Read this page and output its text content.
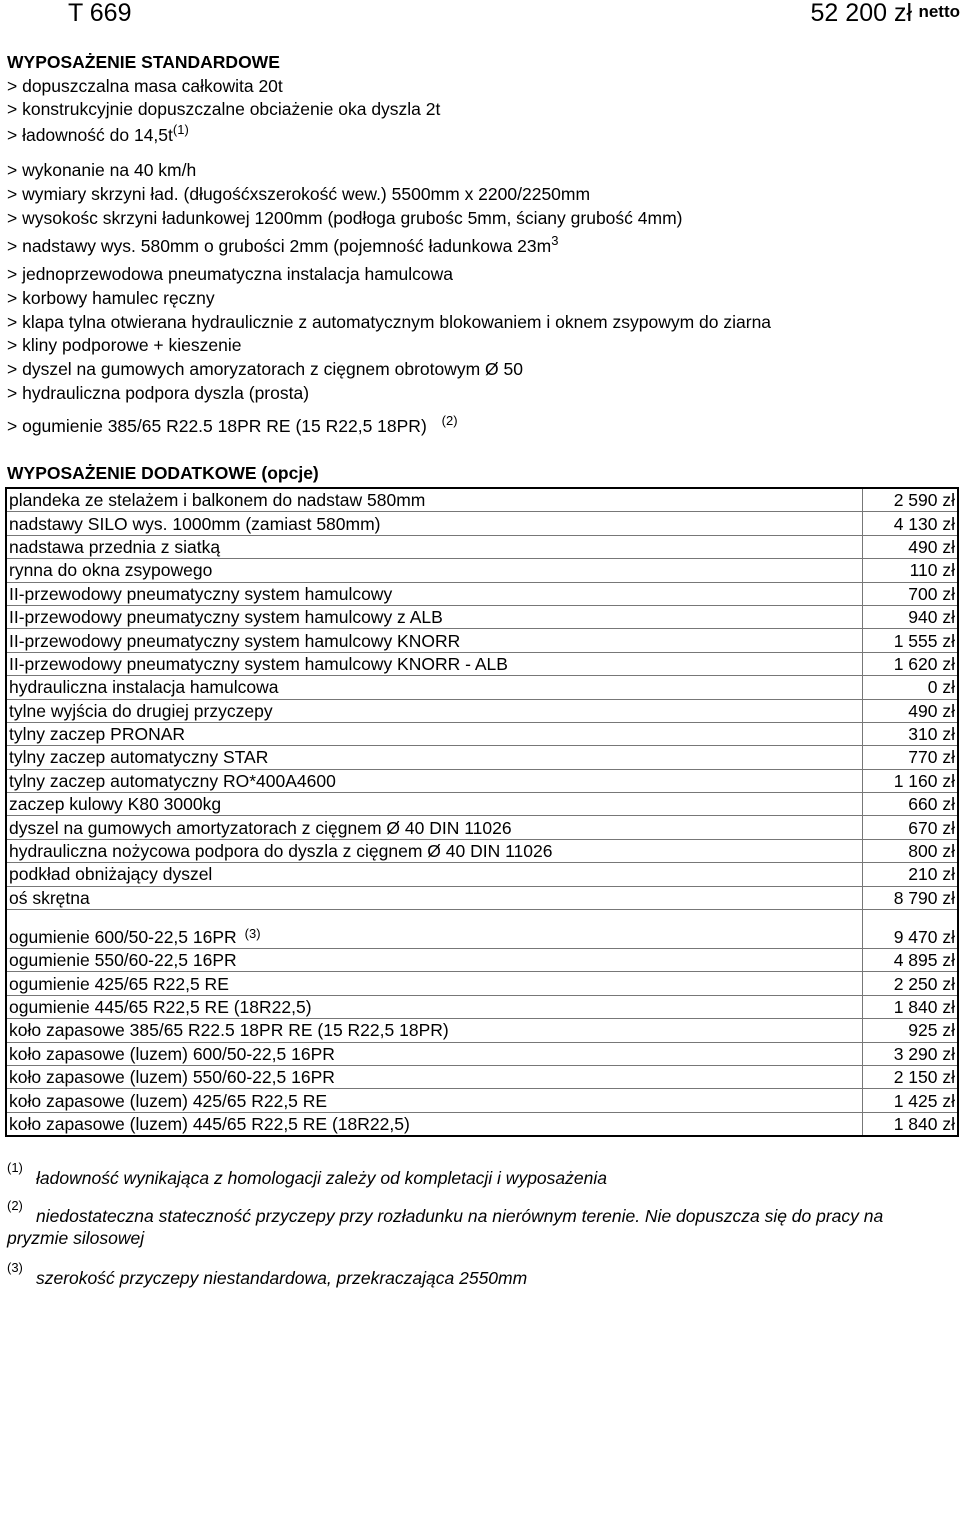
T 669	52 200 zł netto
WYPOSAŻENIE STANDARDOWE
> dopuszczalna masa całkowita 20t
> konstrukcyjnie dopuszczalne obciażenie oka dyszla 2t
> ładowność do 14,5t$^{(1)}$
> wykonanie na 40 km/h
> wymiary skrzyni ład. (długośćxszerokość wew.) 5500mm x 2200/2250mm
> wysokośc skrzyni ładunkowej 1200mm (podłoga grubośc 5mm, ściany grubość 4mm)
> nadstawy wys. 580mm o grubości 2mm (pojemność ładunkowa 23m$^3$
> jednoprzewodowa pneumatyczna instalacja hamulcowa
> korbowy hamulec ręczny
> klapa tylna otwierana hydraulicznie z automatycznym blokowaniem i oknem zsypowym do ziarna
> kliny podporowe + kieszenie
> dyszel na gumowych amoryzatorach z cięgnem obrotowym Ø 50
> hydrauliczna podpora dyszla (prosta)
> ogumienie 385/65 R22.5 18PR RE (15 R22,5 18PR) $^{(2)}$
WYPOSAŻENIE DODATKOWE (opcje)
plandeka ze stelażem i balkonem do nadstaw 580mm	2 590 zł
nadstawy SILO wys. 1000mm (zamiast 580mm)	4 130 zł
nadstawa przednia z siatką	490 zł
rynna do okna zsypowego	110 zł
II-przewodowy pneumatyczny system hamulcowy	700 zł
II-przewodowy pneumatyczny system hamulcowy z ALB	940 zł
II-przewodowy pneumatyczny system hamulcowy KNORR	1 555 zł
II-przewodowy pneumatyczny system hamulcowy KNORR - ALB	1 620 zł
hydrauliczna instalacja hamulcowa	0 zł
tylne wyjścia do drugiej przyczepy	490 zł
tylny zaczep PRONAR	310 zł
tylny zaczep automatyczny STAR	770 zł
tylny zaczep automatyczny RO*400A4600	1 160 zł
zaczep kulowy K80 3000kg	660 zł
dyszel na gumowych amortyzatorach z cięgnem Ø 40 DIN 11026	670 zł
hydrauliczna nożycowa podpora do dyszla z cięgnem Ø 40 DIN 11026	800 zł
podkład obniżający dyszel	210 zł
oś skrętna	8 790 zł
ogumienie 600/50-22,5 16PR $^{(3)}$	9 470 zł
ogumienie 550/60-22,5 16PR	4 895 zł
ogumienie 425/65 R22,5 RE	2 250 zł
ogumienie 445/65 R22,5 RE (18R22,5)	1 840 zł
koło zapasowe 385/65 R22.5 18PR RE (15 R22,5 18PR)	925 zł
koło zapasowe (luzem) 600/50-22,5 16PR	3 290 zł
koło zapasowe (luzem) 550/60-22,5 16PR	2 150 zł
koło zapasowe (luzem) 425/65 R22,5 RE	1 425 zł
koło zapasowe (luzem) 445/65 R22,5 RE (18R22,5)	1 840 zł
(1)
ładowność wynikająca z homologacji zależy od kompletacji i wyposażenia
(2)
niedostateczna stateczność przyczepy przy rozładunku na nierównym terenie. Nie dopuszcza się do pracy na
pryzmie silosowej
(3)
szerokość przyczepy niestandardowa, przekraczająca 2550mm
